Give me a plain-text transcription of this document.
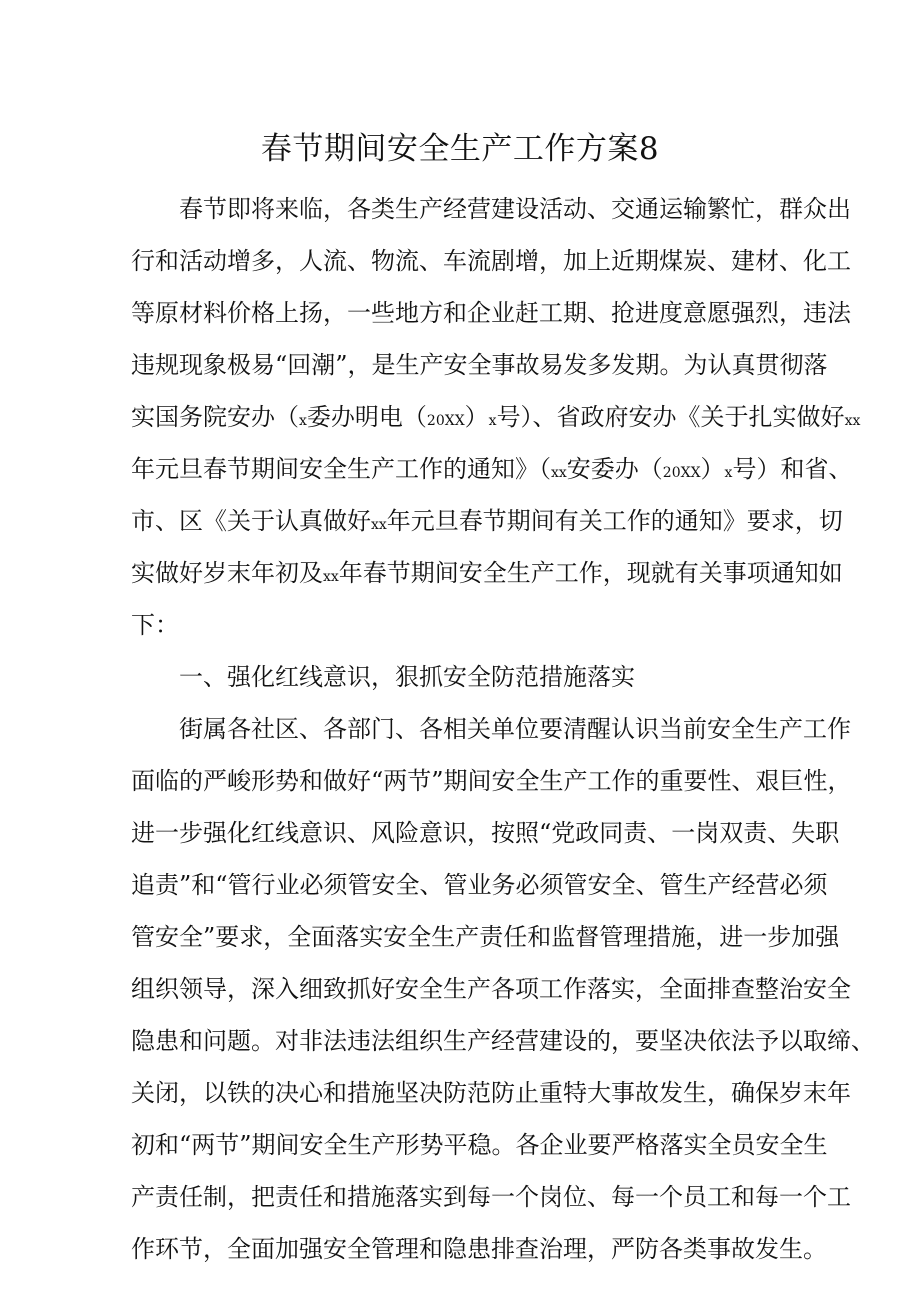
春节期间安全生产工作方案8
春节即将来临，各类生产经营建设活动、交通运输繁忙，群众出
行和活动增多，人流、物流、车流剧增，加上近期煤炭、建材、化工
等原材料价格上扬，一些地方和企业赶工期、抢进度意愿强烈，违法
违规现象极易“回潮”，是生产安全事故易发多发期。为认真贯彻落
实国务院安办（x委办明电（20XX）x号）、省政府安办《关于扎实做好xx
年元旦春节期间安全生产工作的通知》（xx安委办（20XX）x号）和省、
市、区《关于认真做好xx年元旦春节期间有关工作的通知》要求，切
实做好岁末年初及xx年春节期间安全生产工作，现就有关事项通知如
下：
一、强化红线意识，狠抓安全防范措施落实
街属各社区、各部门、各相关单位要清醒认识当前安全生产工作
面临的严峻形势和做好“两节”期间安全生产工作的重要性、艰巨性，
进一步强化红线意识、风险意识，按照“党政同责、一岗双责、失职
追责”和“管行业必须管安全、管业务必须管安全、管生产经营必须
管安全”要求，全面落实安全生产责任和监督管理措施，进一步加强
组织领导，深入细致抓好安全生产各项工作落实，全面排查整治安全
隐患和问题。对非法违法组织生产经营建设的，要坚决依法予以取缔、
关闭，以铁的决心和措施坚决防范防止重特大事故发生，确保岁末年
初和“两节”期间安全生产形势平稳。各企业要严格落实全员安全生
产责任制，把责任和措施落实到每一个岗位、每一个员工和每一个工
作环节，全面加强安全管理和隐患排查治理，严防各类事故发生。
